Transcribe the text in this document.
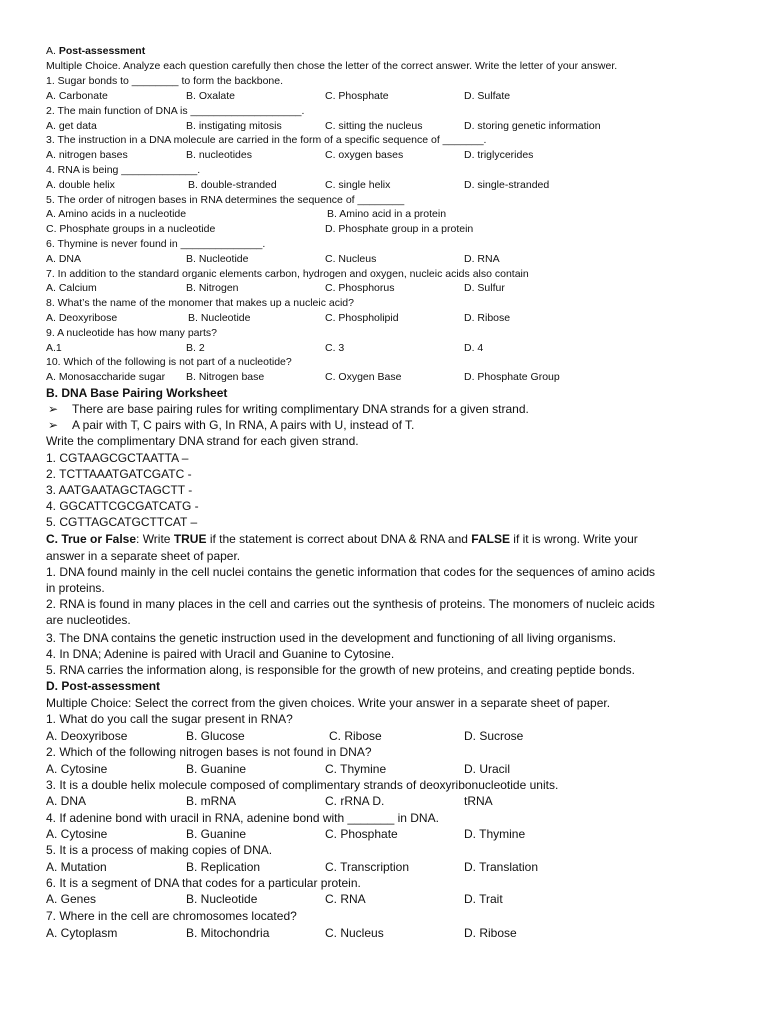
A. Post-assessment
Multiple Choice. Analyze each question carefully then chose the letter of the correct answer. Write the letter of your answer.
1. Sugar bonds to ________ to form the backbone.
A. Carbonate	B. Oxalate	C. Phosphate	D. Sulfate
2. The main function of DNA is ___________________.
A. get data	B. instigating mitosis	C. sitting the nucleus	D. storing genetic information
3. The instruction in a DNA molecule are carried in the form of a specific sequence of _______.
A. nitrogen bases	B. nucleotides	C. oxygen bases	D. triglycerides
4. RNA is being _____________.
A. double helix	B. double-stranded	C. single helix	D. single-stranded
5. The order of nitrogen bases in RNA determines the sequence of ________
A. Amino acids in a nucleotide	B. Amino acid in a protein
C. Phosphate groups in a nucleotide	D. Phosphate group in a protein
6. Thymine is never found in ______________.
A. DNA	B. Nucleotide	C. Nucleus	D. RNA
7. In addition to the standard organic elements carbon, hydrogen and oxygen, nucleic acids also contain
A. Calcium	B. Nitrogen	C. Phosphorus	D. Sulfur
8. What’s the name of the monomer that makes up a nucleic acid?
A. Deoxyribose	B. Nucleotide	C. Phospholipid	D. Ribose
9. A nucleotide has how many parts?
A.1	B. 2	C. 3	D. 4
10. Which of the following is not part of a nucleotide?
A. Monosaccharide sugar B. Nitrogen base	C. Oxygen Base	D. Phosphate Group
B. DNA Base Pairing Worksheet
➢ There are base pairing rules for writing complimentary DNA strands for a given strand.
➢ A pair with T, C pairs with G, In RNA, A pairs with U, instead of T.
Write the complimentary DNA strand for each given strand.
1. CGTAAGCGCTAATTA –
2. TCTTAAATGATCGATC -
3. AATGAATAGCTAGCTT -
4. GGCATTCGCGATCATG -
5. CGTTAGCATGCTTCAT –
C. True or False: Write TRUE if the statement is correct about DNA & RNA and FALSE if it is wrong. Write your
answer in a separate sheet of paper.
1. DNA found mainly in the cell nuclei contains the genetic information that codes for the sequences of amino acids
in proteins.
2. RNA is found in many places in the cell and carries out the synthesis of proteins. The monomers of nucleic acids
are nucleotides.
3. The DNA contains the genetic instruction used in the development and functioning of all living organisms.
4. In DNA; Adenine is paired with Uracil and Guanine to Cytosine.
5. RNA carries the information along, is responsible for the growth of new proteins, and creating peptide bonds.
D. Post-assessment
Multiple Choice: Select the correct from the given choices. Write your answer in a separate sheet of paper.
1. What do you call the sugar present in RNA?
A. Deoxyribose	B. Glucose	C. Ribose	D. Sucrose
2. Which of the following nitrogen bases is not found in DNA?
A. Cytosine	B. Guanine	C. Thymine	D. Uracil
3. It is a double helix molecule composed of complimentary strands of deoxyribonucleotide units.
A. DNA	B. mRNA	C. rRNA D.	tRNA
4. If adenine bond with uracil in RNA, adenine bond with _______ in DNA.
A. Cytosine	B. Guanine	C. Phosphate	D. Thymine
5. It is a process of making copies of DNA.
A. Mutation	B. Replication	C. Transcription	D. Translation
6. It is a segment of DNA that codes for a particular protein.
A. Genes	B. Nucleotide	C. RNA	D. Trait
7. Where in the cell are chromosomes located?
A. Cytoplasm	B. Mitochondria	C. Nucleus	D. Ribose
